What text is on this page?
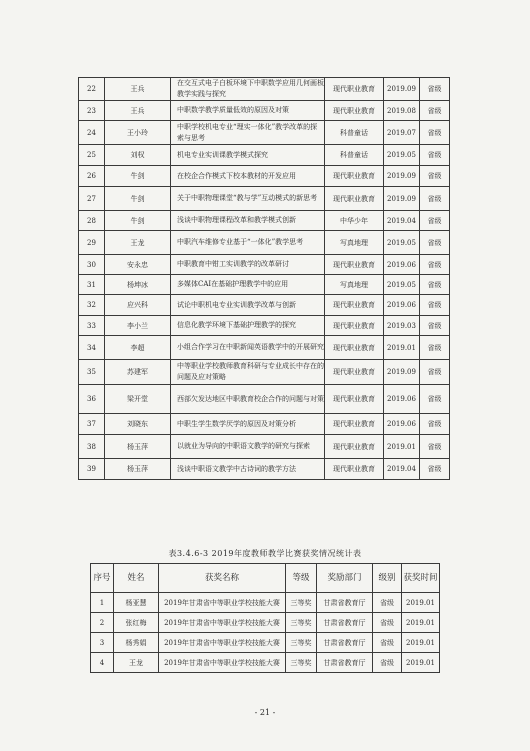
22	王兵	在交互式电子白板环境下中职数学应用几何画板教学实践与探究	现代职业教育	2019.09	省级
23	王兵	中职数学教学质量低效的原因及对策	现代职业教育	2019.08	省级
24	王小玲	中职学校机电专业“理实一体化”教学改革的探索与思考	科普童话	2019.07	省级
25	刘权	机电专业实训课教学模式探究	科普童话	2019.05	省级
26	牛剑	在校企合作模式下校本教材的开发应用	现代职业教育	2019.09	省级
27	牛剑	关于中职物理课堂“教与学”互动模式的新思考	现代职业教育	2019.09	省级
28	牛剑	浅谈中职物理课程改革和教学模式创新	中华少年	2019.04	省级
29	王龙	中职汽车维修专业基于“一体化”教学思考	写真地理	2019.05	省级
30	安永忠	中职教育中钳工实训教学的改革研讨	现代职业教育	2019.06	省级
31	杨坤冰	多媒体CAI在基础护理教学中的应用	写真地理	2019.05	省级
32	应兴科	试论中职机电专业实训教学改革与创新	现代职业教育	2019.06	省级
33	李小兰	信息化教学环境下基础护理教学的探究	现代职业教育	2019.03	省级
34	李超	小组合作学习在中职新闻英语教学中的开展研究	现代职业教育	2019.01	省级
35	苏建军	中等职业学校教师教育科研与专业成长中存在的问题及应对策略	现代职业教育	2019.09	省级
36	梁开堂	西部欠发达地区中职教育校企合作的问题与对策	现代职业教育	2019.06	省级
37	刘晓东	中职生学生数学厌学的原因及对策分析	现代职业教育	2019.06	省级
38	杨玉萍	以就业为导向的中职语文教学的研究与探索	现代职业教育	2019.01	省级
39	杨玉萍	浅谈中职语文教学中古诗词的教学方法	现代职业教育	2019.04	省级
表3.4.6-3 2019年度教师教学比赛获奖情况统计表
序号	姓名	获奖名称	等级	奖励部门	级别	获奖时间
1	杨亚慧	2019年甘肃省中等职业学校技能大赛	三等奖	甘肃省教育厅	省级	2019.01
2	张红梅	2019年甘肃省中等职业学校技能大赛	三等奖	甘肃省教育厅	省级	2019.01
3	杨秀娟	2019年甘肃省中等职业学校技能大赛	三等奖	甘肃省教育厅	省级	2019.01
4	王龙	2019年甘肃省中等职业学校技能大赛	三等奖	甘肃省教育厅	省级	2019.01
- 21 -
